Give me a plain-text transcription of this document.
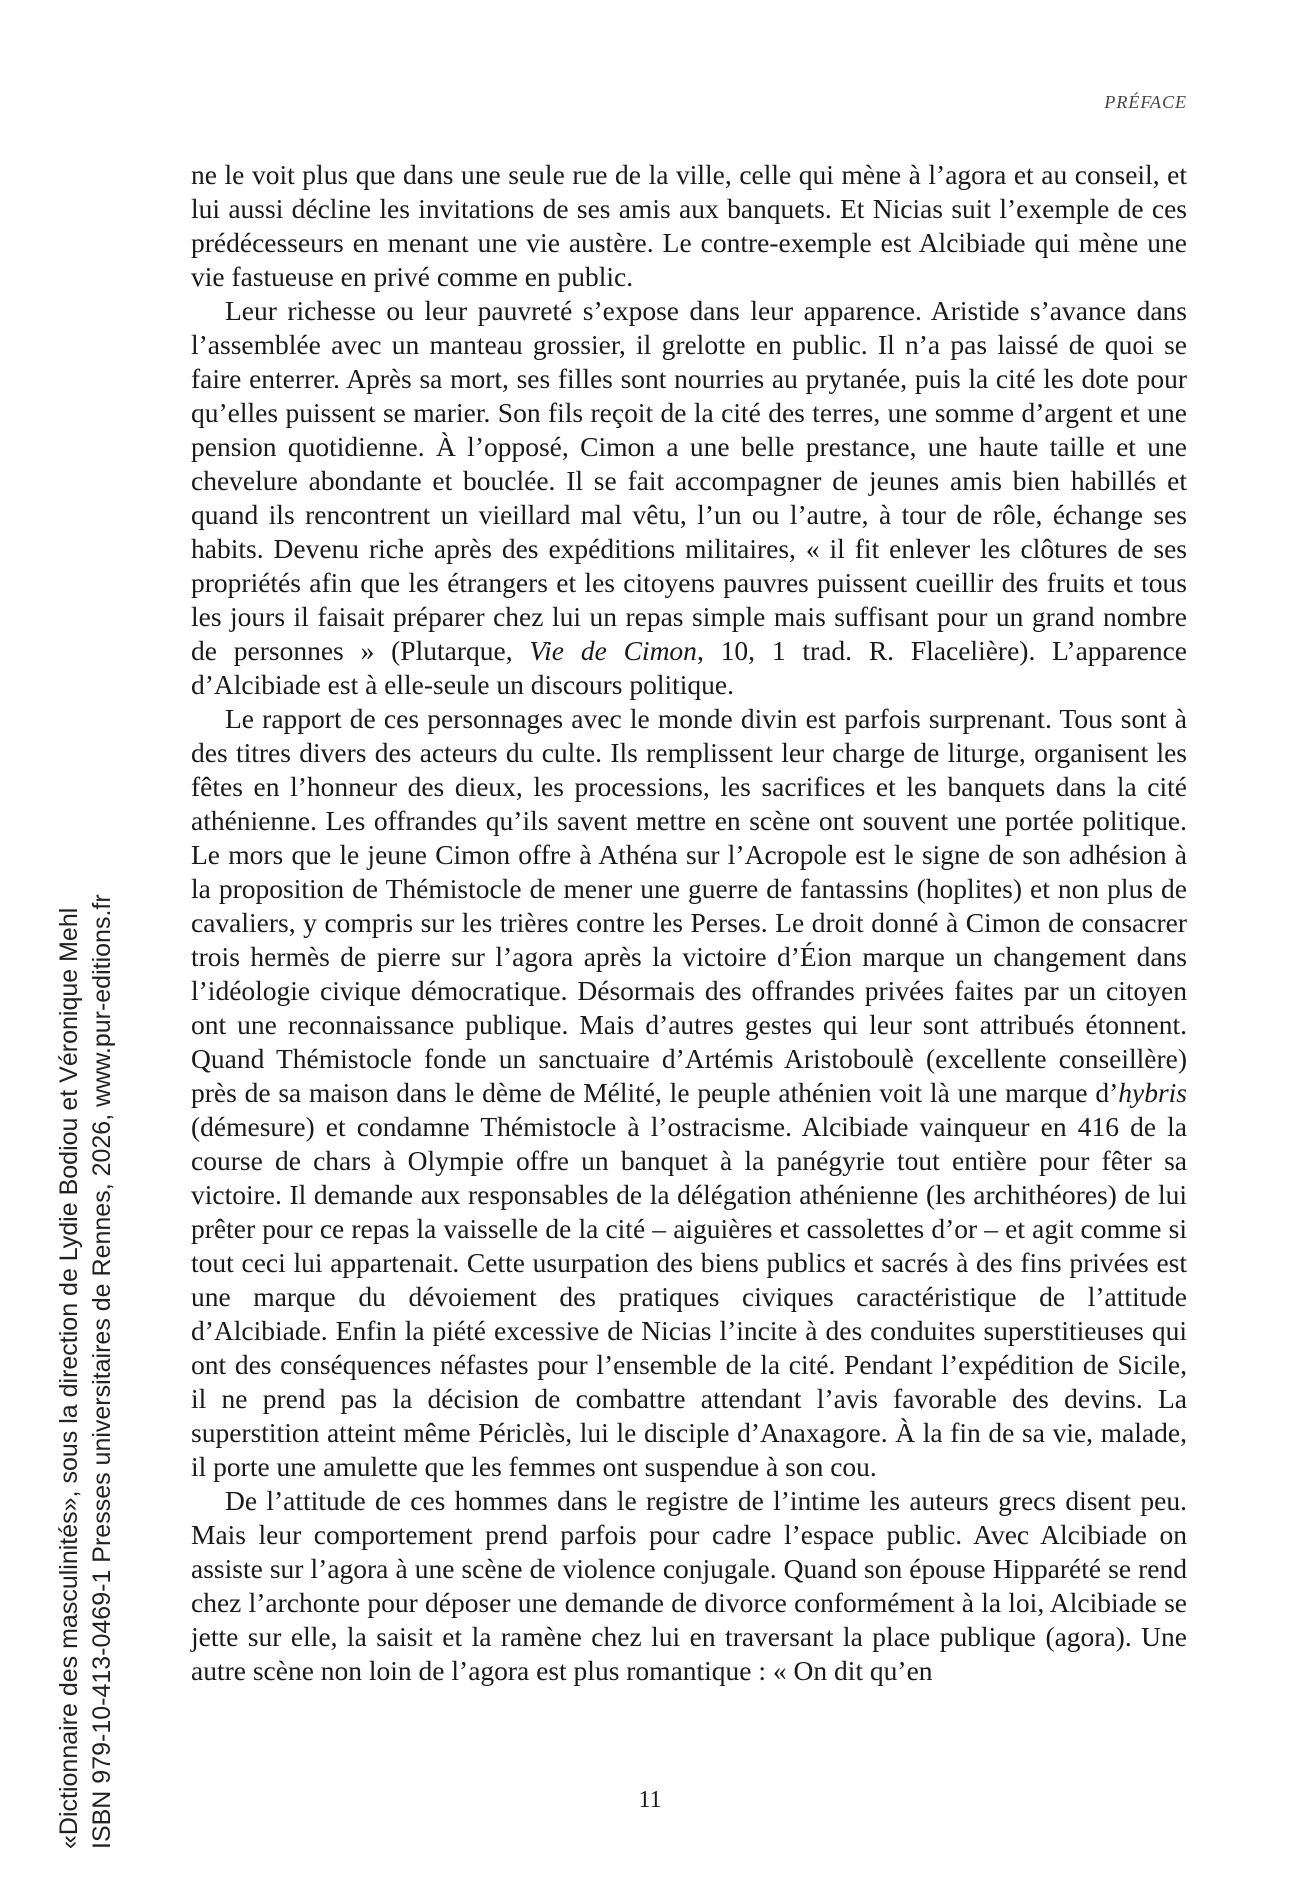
PRÉFACE

ne le voit plus que dans une seule rue de la ville, celle qui mène à l’agora et au conseil, et lui aussi décline les invitations de ses amis aux banquets. Et Nicias suit l’exemple de ces prédécesseurs en menant une vie austère. Le contre-exemple est Alcibiade qui mène une vie fastueuse en privé comme en public.

Leur richesse ou leur pauvreté s’expose dans leur apparence. Aristide s’avance dans l’assemblée avec un manteau grossier, il grelotte en public. Il n’a pas laissé de quoi se faire enterrer. Après sa mort, ses filles sont nourries au prytanée, puis la cité les dote pour qu’elles puissent se marier. Son fils reçoit de la cité des terres, une somme d’argent et une pension quotidienne. À l’opposé, Cimon a une belle prestance, une haute taille et une chevelure abondante et bouclée. Il se fait accompagner de jeunes amis bien habillés et quand ils rencontrent un vieillard mal vêtu, l’un ou l’autre, à tour de rôle, échange ses habits. Devenu riche après des expéditions militaires, « il fit enlever les clôtures de ses propriétés afin que les étrangers et les citoyens pauvres puissent cueillir des fruits et tous les jours il faisait préparer chez lui un repas simple mais suffisant pour un grand nombre de personnes » (Plutarque, Vie de Cimon, 10, 1 trad. R. Flacelière). L’apparence d’Alcibiade est à elle-seule un discours politique.

Le rapport de ces personnages avec le monde divin est parfois surprenant. Tous sont à des titres divers des acteurs du culte. Ils remplissent leur charge de liturge, organisent les fêtes en l’honneur des dieux, les processions, les sacrifices et les banquets dans la cité athénienne. Les offrandes qu’ils savent mettre en scène ont souvent une portée politique. Le mors que le jeune Cimon offre à Athéna sur l’Acropole est le signe de son adhésion à la proposition de Thémistocle de mener une guerre de fantassins (hoplites) et non plus de cavaliers, y compris sur les trières contre les Perses. Le droit donné à Cimon de consacrer trois hermès de pierre sur l’agora après la victoire d’Éion marque un changement dans l’idéologie civique démocratique. Désormais des offrandes privées faites par un citoyen ont une reconnaissance publique. Mais d’autres gestes qui leur sont attribués étonnent. Quand Thémistocle fonde un sanctuaire d’Artémis Aristoboulè (excellente conseillère) près de sa maison dans le dème de Mélité, le peuple athénien voit là une marque d’hybris (démesure) et condamne Thémistocle à l’ostracisme. Alcibiade vainqueur en 416 de la course de chars à Olympie offre un banquet à la panégyrie tout entière pour fêter sa victoire. Il demande aux responsables de la délégation athénienne (les archithéores) de lui prêter pour ce repas la vaisselle de la cité – aiguières et cassolettes d’or – et agit comme si tout ceci lui appartenait. Cette usurpation des biens publics et sacrés à des fins privées est une marque du dévoiement des pratiques civiques caractéristique de l’attitude d’Alcibiade. Enfin la piété excessive de Nicias l’incite à des conduites superstitieuses qui ont des conséquences néfastes pour l’ensemble de la cité. Pendant l’expédition de Sicile, il ne prend pas la décision de combattre attendant l’avis favorable des devins. La superstition atteint même Périclès, lui le disciple d’Anaxagore. À la fin de sa vie, malade, il porte une amulette que les femmes ont suspendue à son cou.

De l’attitude de ces hommes dans le registre de l’intime les auteurs grecs disent peu. Mais leur comportement prend parfois pour cadre l’espace public. Avec Alcibiade on assiste sur l’agora à une scène de violence conjugale. Quand son épouse Hipparété se rend chez l’archonte pour déposer une demande de divorce conformément à la loi, Alcibiade se jette sur elle, la saisit et la ramène chez lui en traversant la place publique (agora). Une autre scène non loin de l’agora est plus romantique : « On dit qu’en

11
«Dictionnaire des masculinités», sous la direction de Lydie Bodiou et Véronique Mehl ISBN 979-10-413-0469-1 Presses universitaires de Rennes, 2026, www.pur-editions.fr
